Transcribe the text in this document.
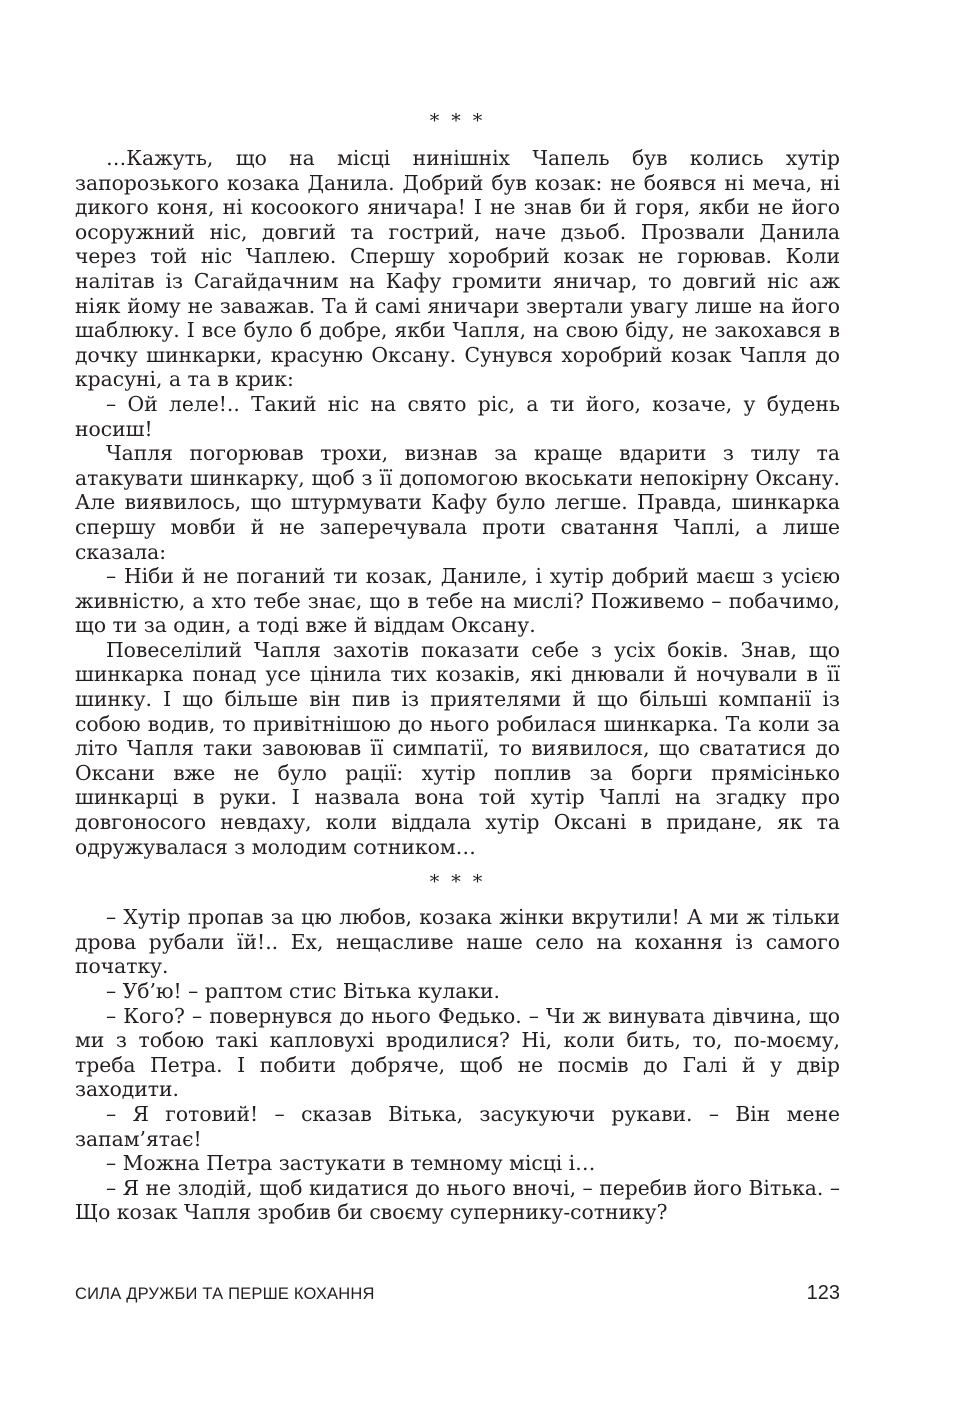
* * *

…Кажуть, що на місці нинішніх Чапель був колись хутір запорозького козака Данила. Добрий був козак: не боявся ні меча, ні дикого коня, ні косоокого яничара! І не знав би й горя, якби не його осоружний ніс, довгий та гострий, наче дзьоб. Прозвали Данила через той ніс Чаплею. Спершу хоробрий козак не горював. Коли налітав із Сагайдачним на Кафу громити яничар, то довгий ніс аж ніяк йому не заважав. Та й самі яничари звертали увагу лише на його шаблюку. І все було б добре, якби Чапля, на свою біду, не закохався в дочку шинкарки, красуню Оксану. Сунувся хоробрий козак Чапля до красуні, а та в крик:

– Ой леле!.. Такий ніс на свято ріс, а ти його, козаче, у будень носиш!

Чапля погорював трохи, визнав за краще вдарити з тилу та атакувати шинкарку, щоб з її допомогою вкоськати непокірну Оксану. Але виявилось, що штурмувати Кафу було легше. Правда, шинкарка спершу мовби й не заперечувала проти сватання Чаплі, а лише сказала:

– Ніби й не поганий ти козак, Даниле, і хутір добрий маєш з усією живністю, а хто тебе знає, що в тебе на мислі? Поживемо – побачимо, що ти за один, а тоді вже й віддам Оксану.

Повеселілий Чапля захотів показати себе з усіх боків. Знав, що шинкарка понад усе цінила тих козаків, які днювали й ночували в її шинку. І що більше він пив із приятелями й що більші компанії із собою водив, то привітнішою до нього робилася шинкарка. Та коли за літо Чапля таки завоював її симпатії, то виявилося, що свататися до Оксани вже не було рації: хутір поплив за борги прямісінько шинкарці в руки. І назвала вона той хутір Чаплі на згадку про довгоносого невдаху, коли віддала хутір Оксані в придане, як та одружувалася з молодим сотником…

* * *

– Хутір пропав за цю любов, козака жінки вкрутили! А ми ж тільки дрова рубали їй!.. Ех, нещасливе наше село на кохання із самого початку.

– Уб’ю! – раптом стис Вітька кулаки.

– Кого? – повернувся до нього Федько. – Чи ж винувата дівчина, що ми з тобою такі капловухі вродилися? Ні, коли бить, то, по-моєму, треба Петра. І побити добряче, щоб не посмів до Галі й у двір заходити.

– Я готовий! – сказав Вітька, засукуючи рукави. – Він мене запам’ятає!

– Можна Петра застукати в темному місці і…

– Я не злодій, щоб кидатися до нього вночі, – перебив його Вітька. – Що козак Чапля зробив би своєму супернику-сотнику?

СИЛА ДРУЖБИ ТА ПЕРШЕ КОХАННЯ	123
